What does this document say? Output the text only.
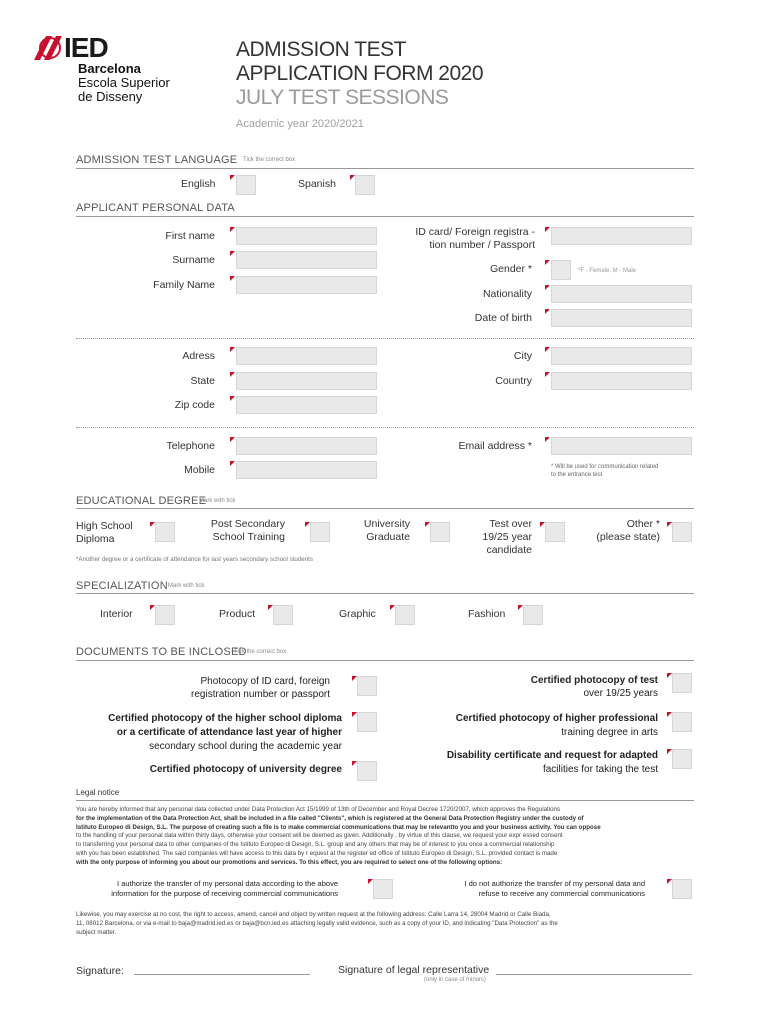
IED
Barcelona
Escola Superior
de Disseny
ADMISSION TEST
APPLICATION FORM 2020
JULY TEST SESSIONS
Academic year 2020/2021
ADMISSION TEST LANGUAGE Tick the correct box
English	Spanish
APPLICANT PERSONAL DATA
First name
Surname
Family Name
ID card/ Foreign registra -
tion number / Passport
Gender *	*F - Female, M - Male
Nationality
Date of birth
Adress
State
Zip code
City
Country
Telephone
Mobile
Email address *
* Will be used for communication related
to the entrance test
EDUCATIONAL DEGREE
Mark with tick
High School
Diploma
Post Secondary
School Training
University
Graduate
Test over
19/25 year
candidate
Other *
(please state)
*Another degree or a certificate of attendance for last years secondary school students
SPECIALIZATION Mark with tick
Interior	Product	Graphic	Fashion
DOCUMENTS TO BE INCLOSED
Tick the correct box
Photocopy of ID card, foreign
registration number or passport
Certified photocopy of the higher school diploma
or a certificate of attendance last year of higher
secondary school during the academic year
Certified photocopy of university degree
Certified photocopy of test
over 19/25 years
Certified photocopy of higher professional
training degree in arts
Disability certificate and request for adapted
facilities for taking the test
Legal notice
You are hereby informed that any personal data collected under Data Protection Act 15/1999 of 13th of December and Royal Decree 1720/2007, which approves the Regulations
for the implementation of the Data Protection Act, shall be included in a file called "Clients", which is registered at the General Data Protection Registry under the custody of
Istituto Europeo di Design, S.L. The purpose of creating such a file is to make commercial communications that may be relevantto you and your business activity. You can oppose
to the handling of your personal data within thirty days, otherwise your consent will be deemed as given. Additionally , by virtue of this clause, we request your expr essed consent
to transferring your personal data to other companies of the Istituto Europeo di Design, S.L. group and any others that may be of interest to you once a commercial relationship
with you has been established. The said companies will have access to this data by r equest at the register ed office of Istituto Europeo di Design, S.L. provided contact is made
with the only purpose of informing you about our promotions and services. To this effect, you are required to select one of the following options:
I authorize the transfer of my personal data according to the above
information for the purpose of receiving commercial communications
I do not authorize the transfer of my personal data and
refuse to receive any commercial communications
Likewise, you may exercise at no cost, the right to access, amend, cancel and object by written request at the following address: Calle Larra 14, 28004 Madrid or Calle Biada,
11, 08012 Barcelona, or via e-mail to baja@madrid.ied.es or baja@bcn.ied.es attaching legally valid evidence, such as a copy of your ID, and indicating "Data Protection" as the
subject matter.
Signature:	Signature of legal representative
(only in case of minors)
